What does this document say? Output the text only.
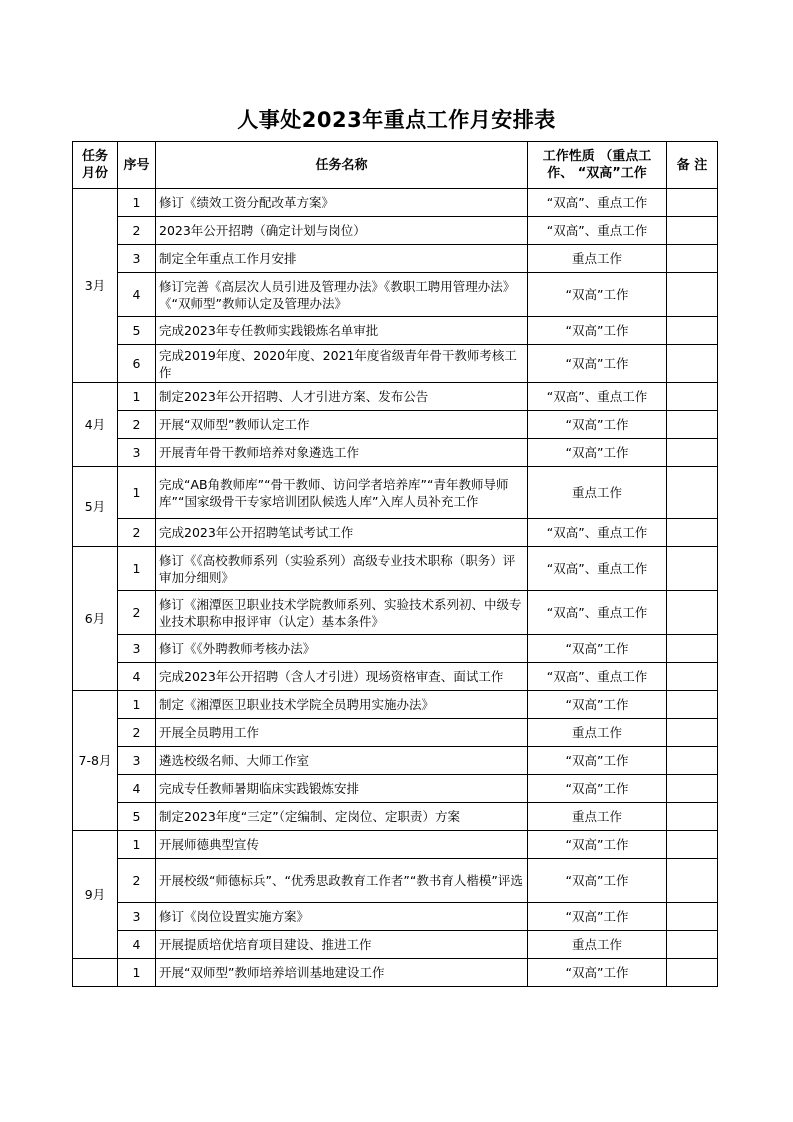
人事处2023年重点工作月安排表
任务月份	序号	任务名称	工作性质 （重点工作、 “双高”工作	备 注
3月	1	修订《绩效工资分配改革方案》	“双高”、重点工作	
	2	2023年公开招聘（确定计划与岗位）	“双高”、重点工作	
	3	制定全年重点工作月安排	重点工作	
	4	修订完善《高层次人员引进及管理办法》《教职工聘用管理办法》《“双师型”教师认定及管理办法》	“双高”工作	
	5	完成2023年专任教师实践锻炼名单审批	“双高”工作	
	6	完成2019年度、2020年度、2021年度省级青年骨干教师考核工作	“双高”工作	
4月	1	制定2023年公开招聘、人才引进方案、发布公告	“双高”、重点工作	
	2	开展“双师型”教师认定工作	“双高”工作	
	3	开展青年骨干教师培养对象遴选工作	“双高”工作	
5月	1	完成“AB角教师库”“骨干教师、访问学者培养库”“青年教师导师库”“国家级骨干专家培训团队候选人库”入库人员补充工作	重点工作	
	2	完成2023年公开招聘笔试考试工作	“双高”、重点工作	
6月	1	修订《《高校教师系列（实验系列）高级专业技术职称（职务）评审加分细则》	“双高”、重点工作	
	2	修订《湘潭医卫职业技术学院教师系列、实验技术系列初、中级专业技术职称申报评审（认定）基本条件》	“双高”、重点工作	
	3	修订《《外聘教师考核办法》	“双高”工作	
	4	完成2023年公开招聘（含人才引进）现场资格审查、面试工作	“双高”、重点工作	
7-8月	1	制定《湘潭医卫职业技术学院全员聘用实施办法》	“双高”工作	
	2	开展全员聘用工作	重点工作	
	3	遴选校级名师、大师工作室	“双高”工作	
	4	完成专任教师暑期临床实践锻炼安排	“双高”工作	
	5	制定2023年度“三定”（定编制、定岗位、定职责）方案	重点工作	
9月	1	开展师德典型宣传	“双高”工作	
	2	开展校级“师德标兵”、“优秀思政教育工作者”“教书育人楷模”评选	“双高”工作	
	3	修订《岗位设置实施方案》	“双高”工作	
	4	开展提质培优培育项目建设、推进工作	重点工作	
	1	开展“双师型”教师培养培训基地建设工作	“双高”工作	
